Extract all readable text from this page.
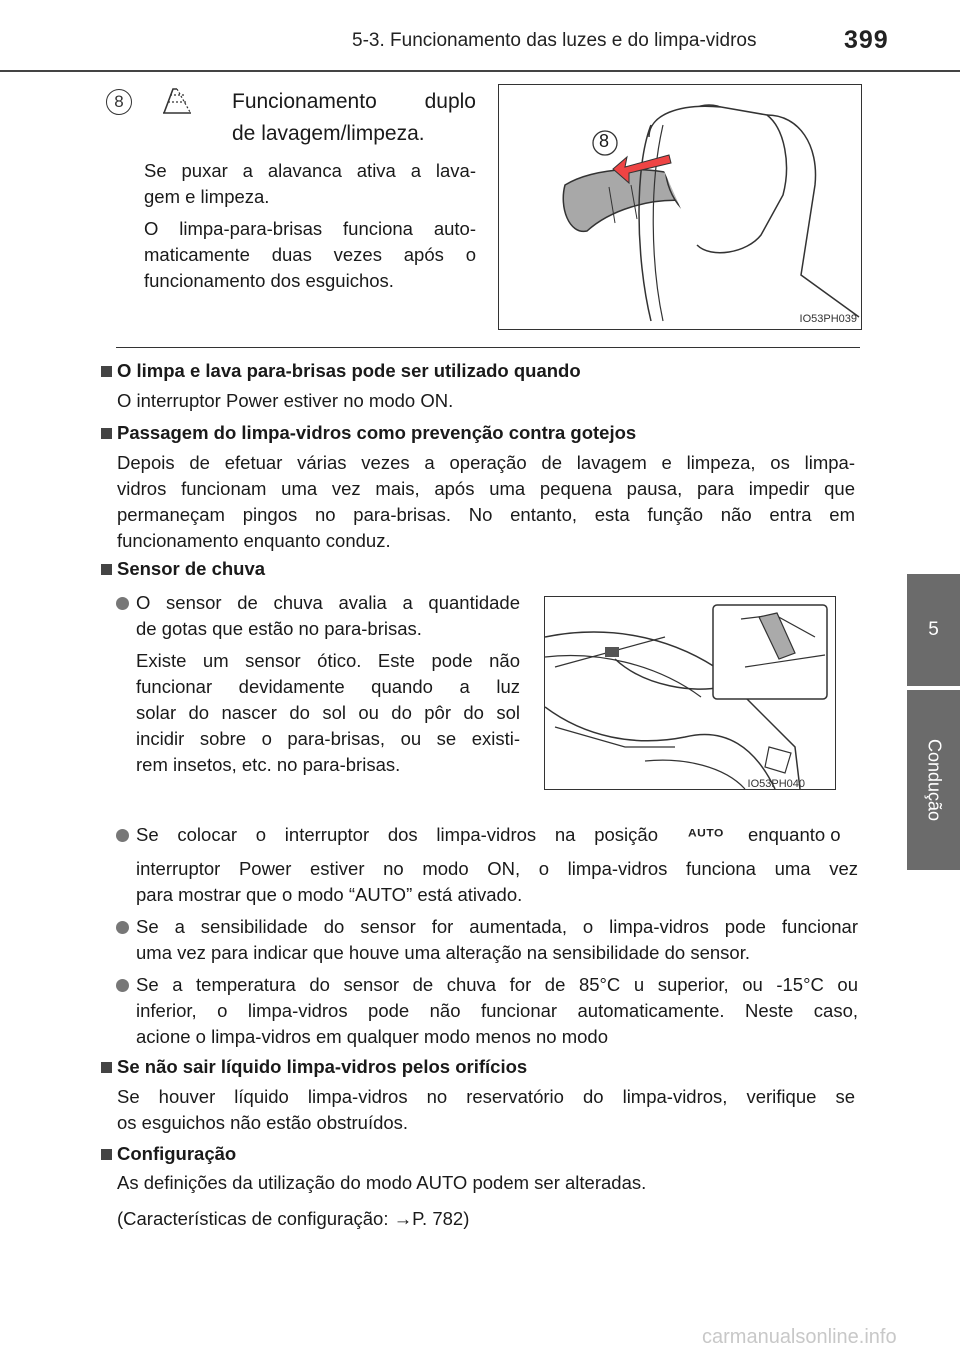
5-3. Funcionamento das luzes e do limpa-vidros	399
5
Condução
8	Funcionamento duplo
de lavagem/limpeza.
Se puxar a alavanca ativa a lava-
gem e limpeza.
O limpa-para-brisas funciona auto-
maticamente duas vezes após o
funcionamento dos esguichos.
8
IO53PH039
O limpa e lava para-brisas pode ser utilizado quando
O interruptor Power estiver no modo ON.
Passagem do limpa-vidros como prevenção contra gotejos
Depois de efetuar várias vezes a operação de lavagem e limpeza, os limpa-
vidros funcionam uma vez mais, após uma pequena pausa, para impedir que
permaneçam pingos no para-brisas. No entanto, esta função não entra em
funcionamento enquanto conduz.
Sensor de chuva
O sensor de chuva avalia a quantidade
de gotas que estão no para-brisas.
Existe um sensor ótico. Este pode não
funcionar devidamente quando a luz
solar do nascer do sol ou do pôr do sol
incidir sobre o para-brisas, ou se existi-
rem insetos, etc. no para-brisas.
IO53PH040
Se colocar o interruptor dos limpa-vidros na posição	AUTO enquanto o
interruptor Power estiver no modo ON, o limpa-vidros funciona uma vez
para mostrar que o modo “AUTO” está ativado.
Se a sensibilidade do sensor for aumentada, o limpa-vidros pode funcionar
uma vez para indicar que houve uma alteração na sensibilidade do sensor.
Se a temperatura do sensor de chuva for de 85°C u superior, ou -15°C ou
inferior, o limpa-vidros pode não funcionar automaticamente. Neste caso,
acione o limpa-vidros em qualquer modo menos no modo
Se não sair líquido limpa-vidros pelos orifícios
Se houver líquido limpa-vidros no reservatório do limpa-vidros, verifique se
os esguichos não estão obstruídos.
Configuração
As definições da utilização do modo AUTO podem ser alteradas.
(Características de configuração: →P. 782)
carmanualsonline.info
